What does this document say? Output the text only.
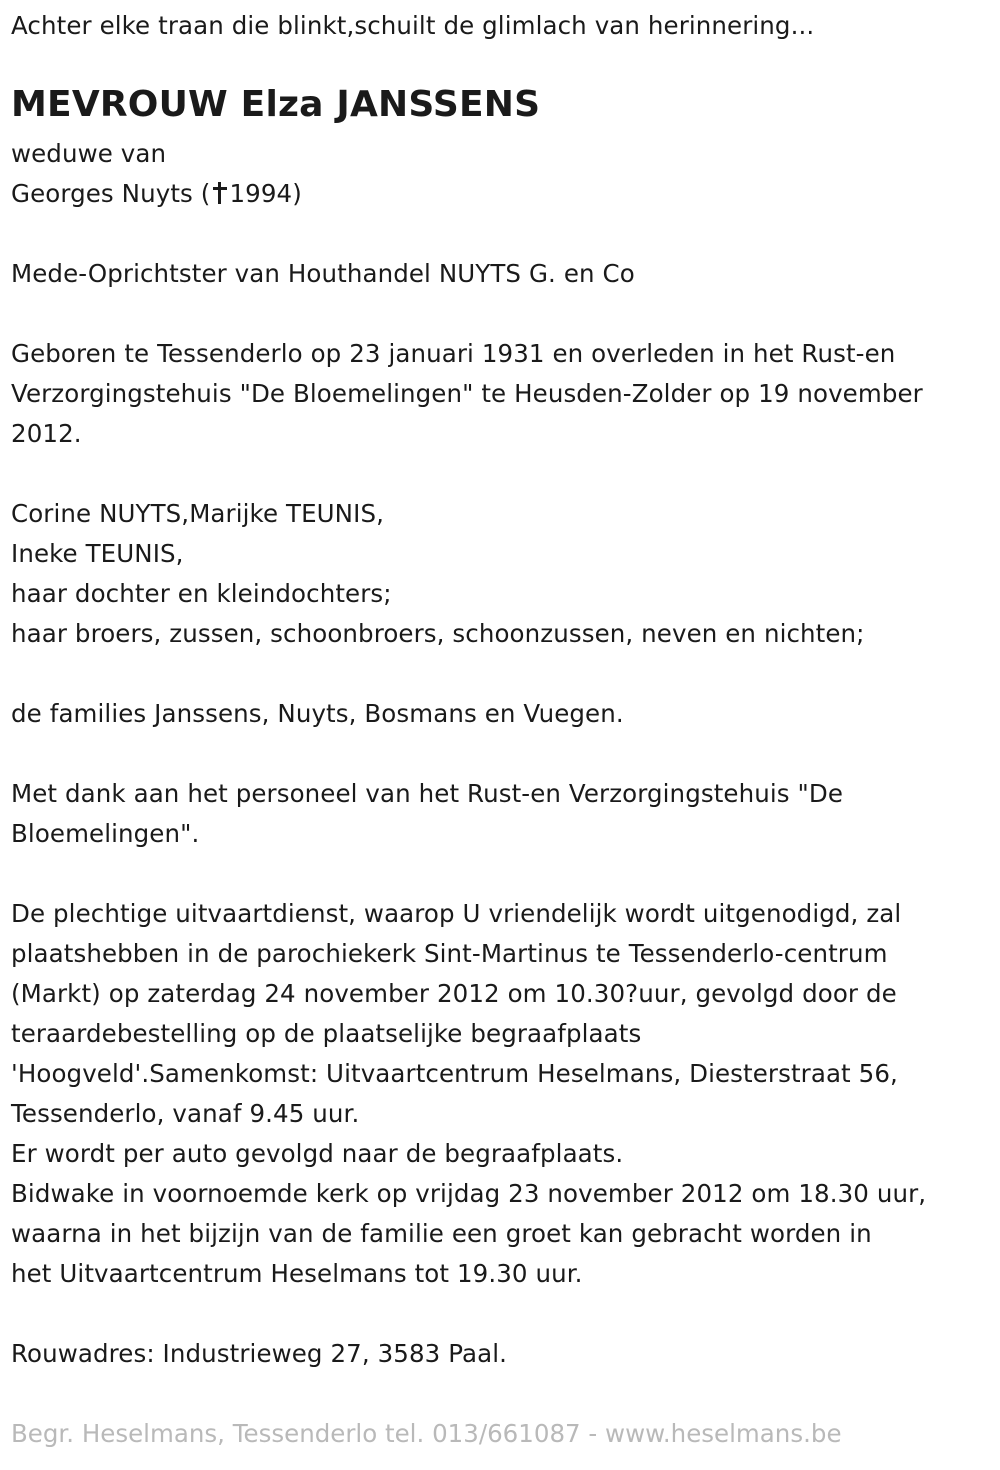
Achter elke traan die blinkt,schuilt de glimlach van herinnering...
MEVROUW Elza JANSSENS
weduwe van
Georges Nuyts ( 1994)
Mede-Oprichtster van Houthandel NUYTS G. en Co
Geboren te Tessenderlo op 23 januari 1931 en overleden in het Rust-en
Verzorgingstehuis "De Bloemelingen" te Heusden-Zolder op 19 november
2012.
Corine NUYTS,Marijke TEUNIS,
Ineke TEUNIS,
haar dochter en kleindochters;
haar broers, zussen, schoonbroers, schoonzussen, neven en nichten;
de families Janssens, Nuyts, Bosmans en Vuegen.
Met dank aan het personeel van het Rust-en Verzorgingstehuis "De
Bloemelingen".
De plechtige uitvaartdienst, waarop U vriendelijk wordt uitgenodigd, zal
plaatshebben in de parochiekerk Sint-Martinus te Tessenderlo-centrum
(Markt) op zaterdag 24 november 2012 om 10.30?uur, gevolgd door de
teraardebestelling op de plaatselijke begraafplaats
'Hoogveld'.Samenkomst: Uitvaartcentrum Heselmans, Diesterstraat 56,
Tessenderlo, vanaf 9.45 uur.
Er wordt per auto gevolgd naar de begraafplaats.
Bidwake in voornoemde kerk op vrijdag 23 november 2012 om 18.30 uur,
waarna in het bijzijn van de familie een groet kan gebracht worden in
het Uitvaartcentrum Heselmans tot 19.30 uur.
Rouwadres: Industrieweg 27, 3583 Paal.
Begr. Heselmans, Tessenderlo tel. 013/661087 - www.heselmans.be
